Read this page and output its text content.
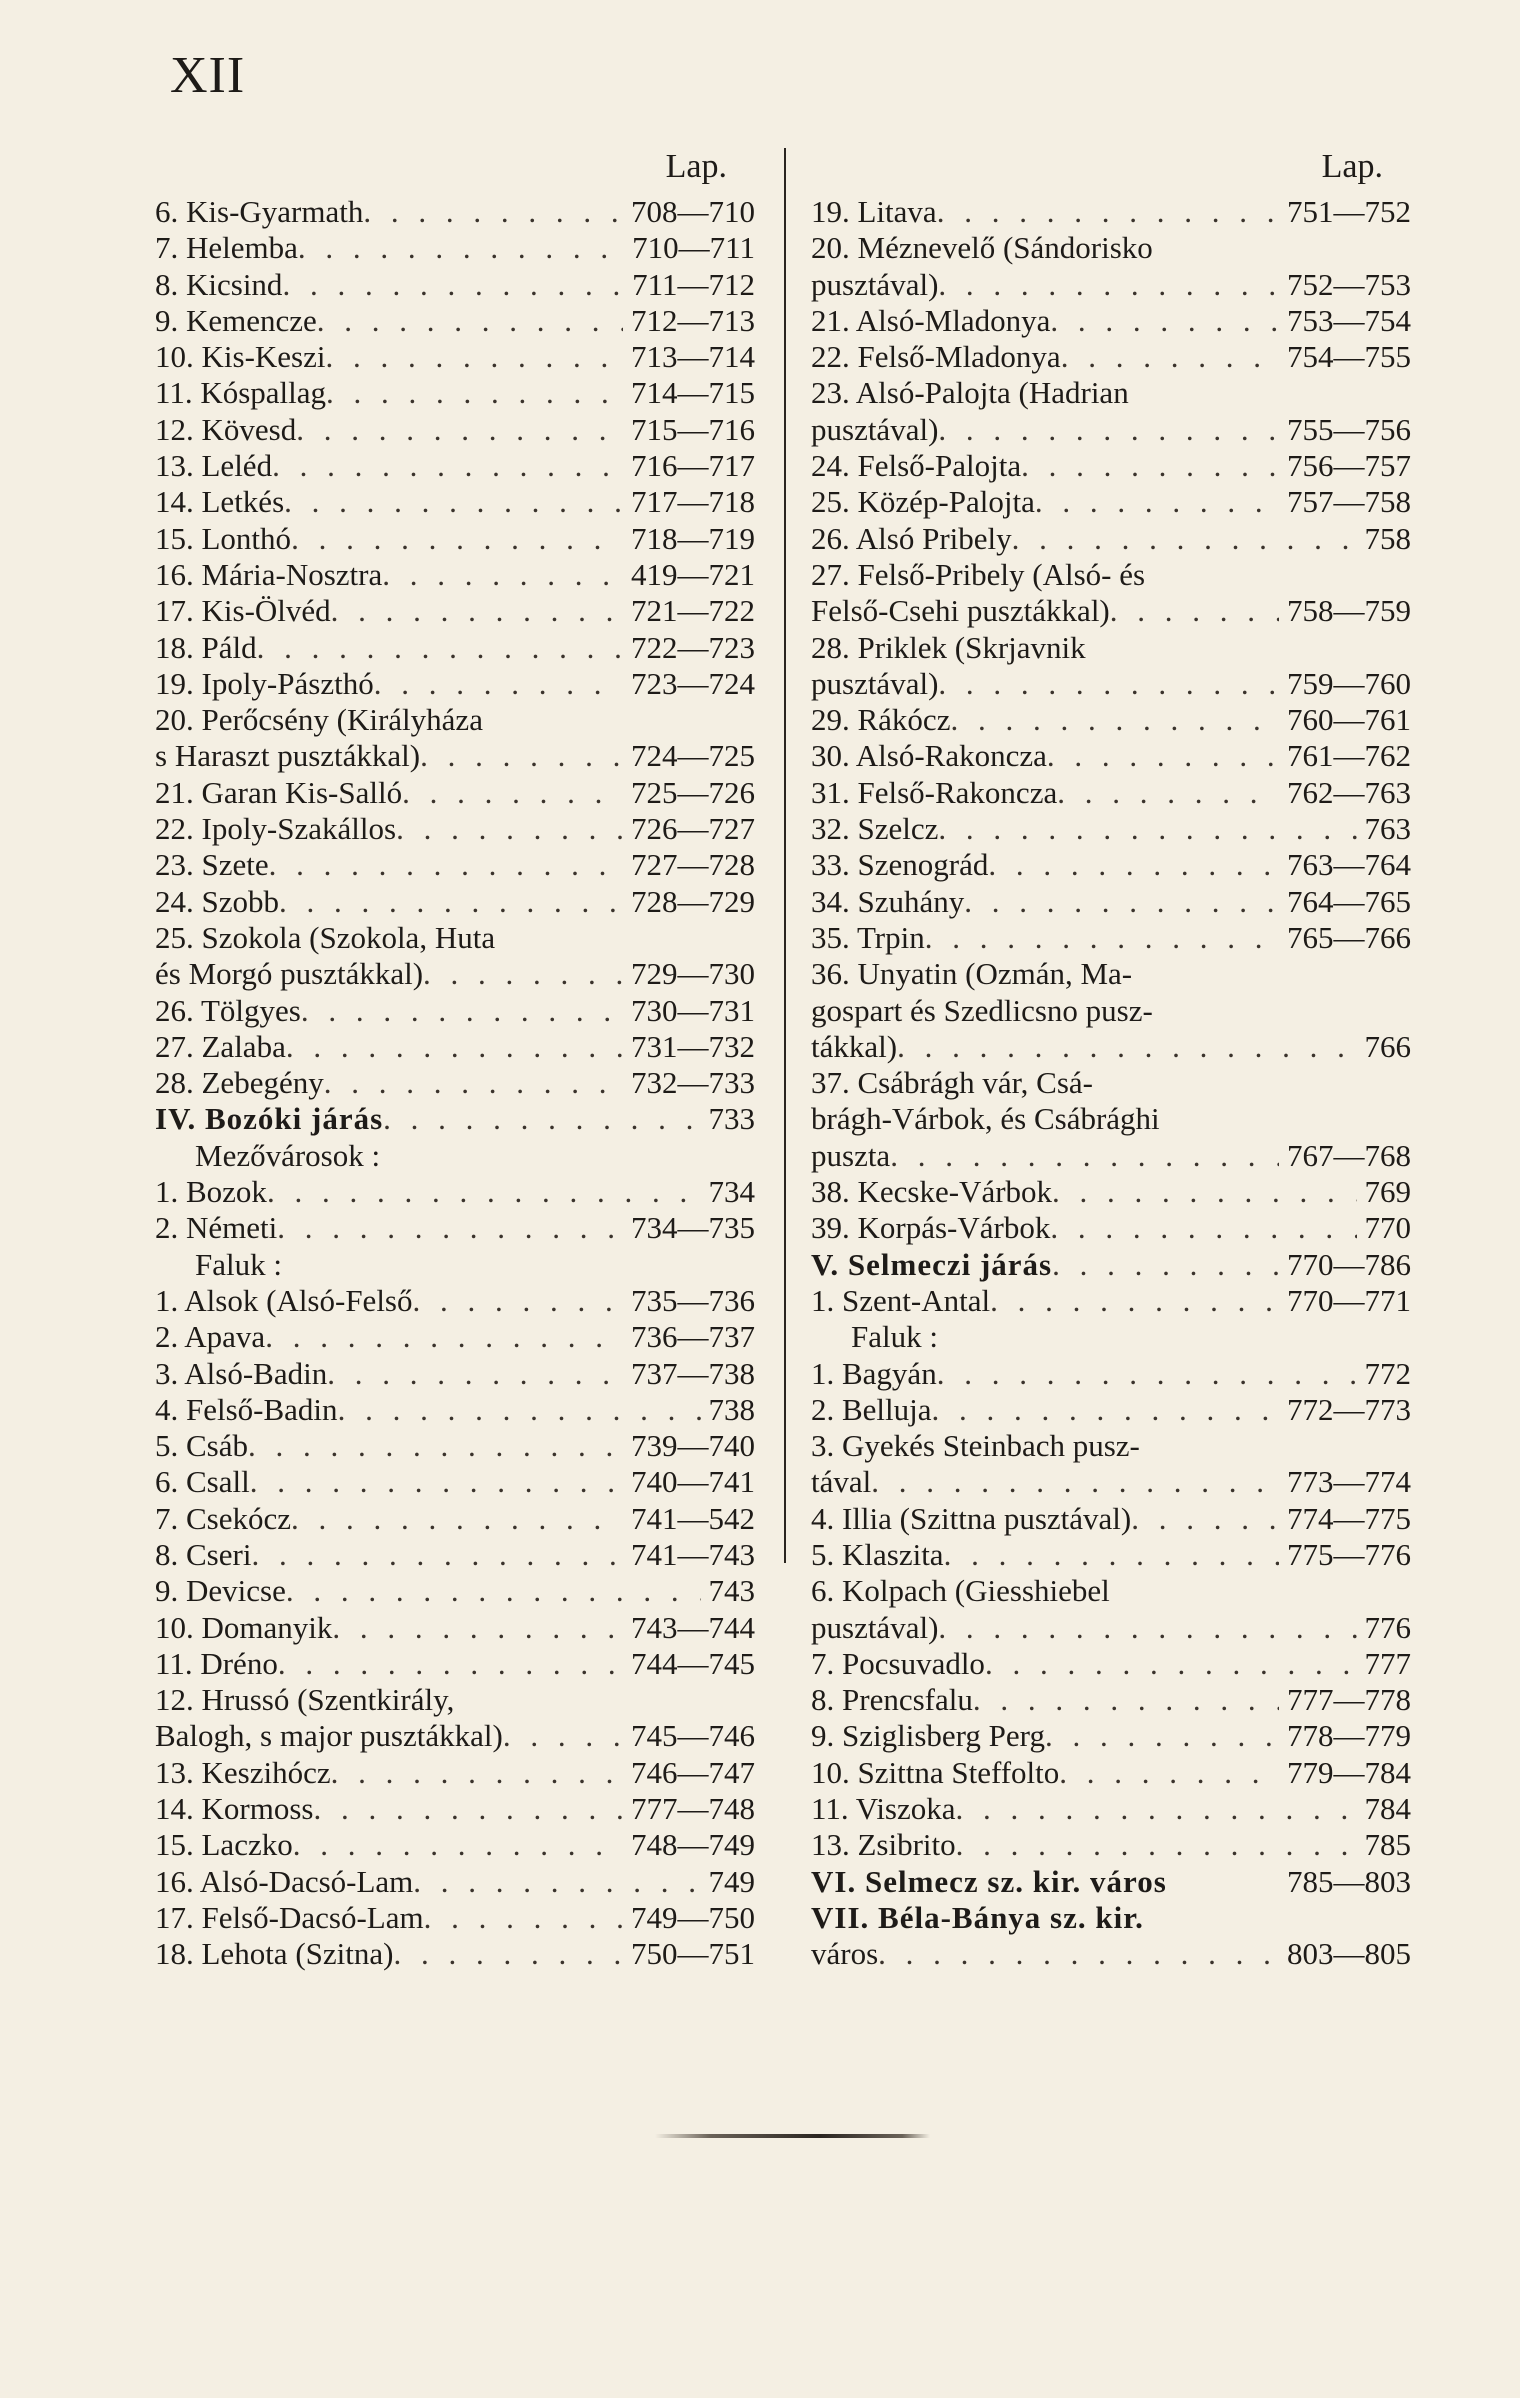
XII
Lap.
6. Kis-Gyarmath . . .	708—710
7. Helemba . . .	710—711
8. Kicsind . . .	711—712
9. Kemencze . . .	712—713
10. Kis-Keszi . . .	713—714
11. Kóspallag . . .	714—715
12. Kövesd . . .	715—716
13. Leléd . . .	716—717
14. Letkés . . .	717—718
15. Lonthó . . .	718—719
16. Mária-Nosztra . . .	419—721
17. Kis-Ölvéd . . .	721—722
18. Páld . . .	722—723
19. Ipoly-Pászthó . . .	723—724
20. Perőcsény (Királyháza
s Haraszt pusztákkal) . . .	724—725
21. Garan Kis-Salló . . .	725—726
22. Ipoly-Szakállos . . .	726—727
23. Szete . . .	727—728
24. Szobb . . .	728—729
25. Szokola (Szokola, Huta
és Morgó pusztákkal) . . .	729—730
26. Tölgyes . . .	730—731
27. Zalaba . . .	731—732
28. Zebegény . . .	732—733
IV. Bozóki járás . . .	733
Mezővárosok :
1. Bozok . . .	734
2. Németi . . .	734—735
Faluk :
1. Alsok (Alsó-Felső . . .	735—736
2. Apava . . .	736—737
3. Alsó-Badin . . .	737—738
4. Felső-Badin . . .	738
5. Csáb . . .	739—740
6. Csall . . .	740—741
7. Csekócz . . .	741—542
8. Cseri . . .	741—743
9. Devicse . . .	743
10. Domanyik . . .	743—744
11. Dréno . . .	744—745
12. Hrussó (Szentkirály,
Balogh, s major pusztákkal) . . .	745—746
13. Keszihócz . . .	746—747
14. Kormoss . . .	777—748
15. Laczko . . .	748—749
16. Alsó-Dacsó-Lam . . .	749
17. Felső-Dacsó-Lam . . .	749—750
18. Lehota (Szitna) . . .	750—751
Lap.
19. Litava . . .	751—752
20. Méznevelő (Sándorisko
pusztával) . . .	752—753
21. Alsó-Mladonya . . .	753—754
22. Felső-Mladonya . . .	754—755
23. Alsó-Palojta (Hadrian
pusztával) . . .	755—756
24. Felső-Palojta . . .	756—757
25. Közép-Palojta . . .	757—758
26. Alsó Pribely . . .	758
27. Felső-Pribely (Alsó- és
Felső-Csehi pusztákkal) . . .	758—759
28. Priklek (Skrjavnik
pusztával) . . .	759—760
29. Rákócz . . .	760—761
30. Alsó-Rakoncza . . .	761—762
31. Felső-Rakoncza . . .	762—763
32. Szelcz . . .	763
33. Szenográd . . .	763—764
34. Szuhány . . .	764—765
35. Trpin . . .	765—766
36. Unyatin (Ozmán, Ma-
gospart és Szedlicsno pusz-
tákkal) . . .	766
37. Csábrágh vár, Csá-
brágh-Várbok, és Csábrághi
puszta . . .	767—768
38. Kecske-Várbok . . .	769
39. Korpás-Várbok . . .	770
V. Selmeczi járás . . .	770—786
1. Szent-Antal . . .	770—771
Faluk :
1. Bagyán . . .	772
2. Belluja . . .	772—773
3. Gyekés Steinbach pusz-
tával . . .	773—774
4. Illia (Szittna pusztával) . . .	774—775
5. Klaszita . . .	775—776
6. Kolpach (Giesshiebel
pusztával) . . .	776
7. Pocsuvadlo . . .	777
8. Prencsfalu . . .	777—778
9. Sziglisberg Perg . . .	778—779
10. Szittna Steffolto . . .	779—784
11. Viszoka . . .	784
13. Zsibrito . . .	785
VI. Selmecz sz. kir. város	785—803
VII. Béla-Bánya sz. kir.
város . . .	803—805
